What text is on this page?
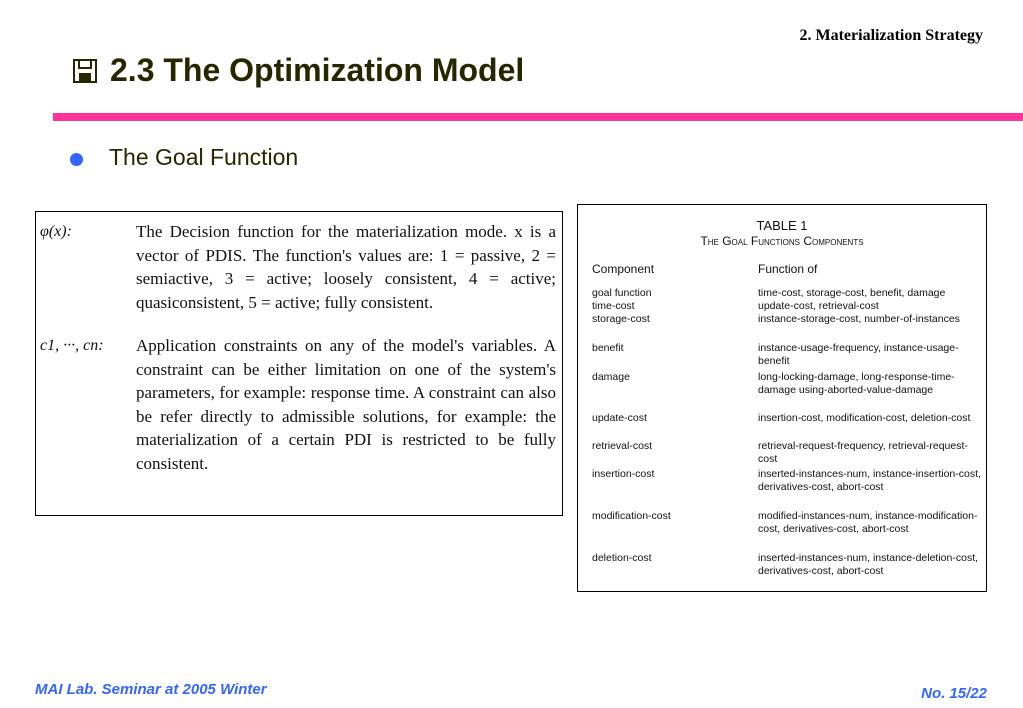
2. Materialization Strategy
2.3 The Optimization Model
The Goal Function
φ(x):	The Decision function for the materialization mode. x is a vector of PDIS. The function's values are: 1 = passive, 2 = semiactive, 3 = active; loosely consistent, 4 = active; quasiconsistent, 5 = active; fully consistent.
c1, ···, cn: Application constraints on any of the model's variables. A constraint can be either limitation on one of the system's parameters, for example: response time. A constraint can also be refer directly to admissible solutions, for example: the materialization of a certain PDI is restricted to be fully consistent.
TABLE 1
The Goal Functions Components
Component	Function of
goal function	time-cost, storage-cost, benefit, damage
time-cost	update-cost, retrieval-cost
storage-cost	instance-storage-cost, number-of-instances
benefit	instance-usage-frequency, instance-usage-benefit
damage	long-locking-damage, long-response-time-damage using-aborted-value-damage
update-cost	insertion-cost, modification-cost, deletion-cost
retrieval-cost	retrieval-request-frequency, retrieval-request-cost
insertion-cost	inserted-instances-num, instance-insertion-cost, derivatives-cost, abort-cost
modification-cost	modified-instances-num, instance-modification-cost, derivatives-cost, abort-cost
deletion-cost	inserted-instances-num, instance-deletion-cost, derivatives-cost, abort-cost
MAI Lab. Seminar at 2005 Winter	No. 15/22
